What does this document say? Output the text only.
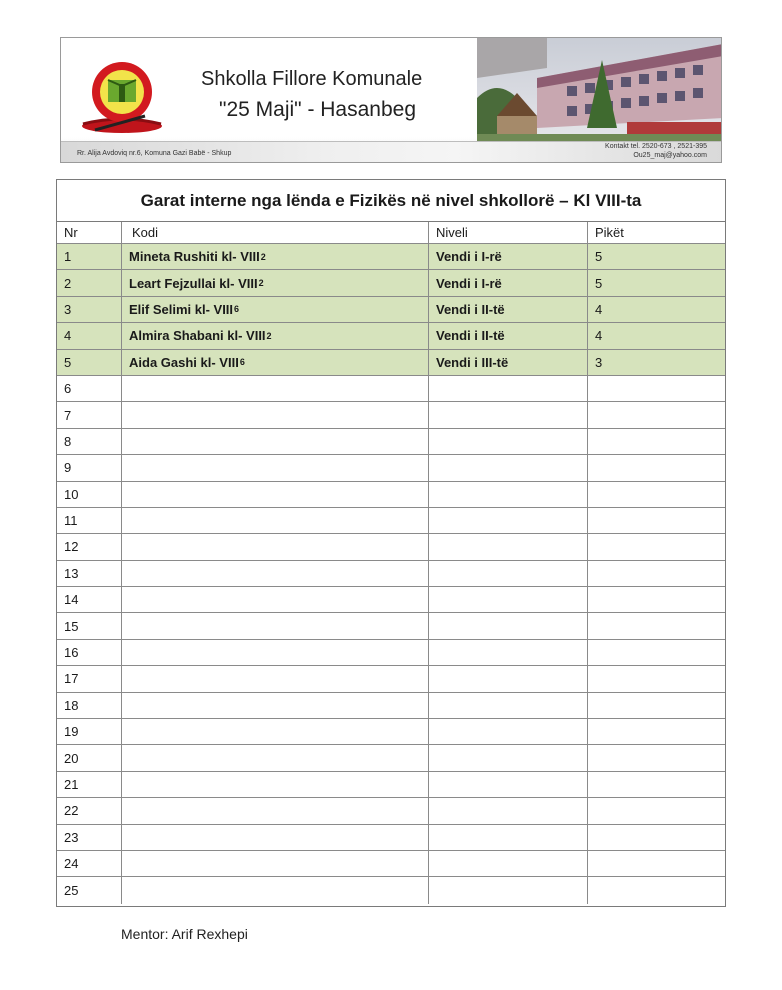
Shkolla Fillore Komunale
"25 Maji" - Hasanbeg
Rr. Alija Avdoviq nr.6, Komuna Gazi Babë - Shkup
Kontakt tel. 2520-673 , 2521-395
Ou25_maj@yahoo.com
Garat interne nga lënda e Fizikës në nivel shkollorë – Kl VIII-ta
Nr	Kodi	Niveli	Pikët
1	Mineta Rushiti kl- VIII 2	Vendi i I-rë	5
2	Leart Fejzullai kl- VIII 2	Vendi i I-rë	5
3	Elif Selimi kl- VIII 6	Vendi i II-të	4
4	Almira Shabani kl- VIII 2	Vendi i II-të	4
5	Aida Gashi kl- VIII 6	Vendi i III-të	3
6
7
8
9
10
11
12
13
14
15
16
17
18
19
20
21
22
23
24
25
Mentor: Arif Rexhepi
